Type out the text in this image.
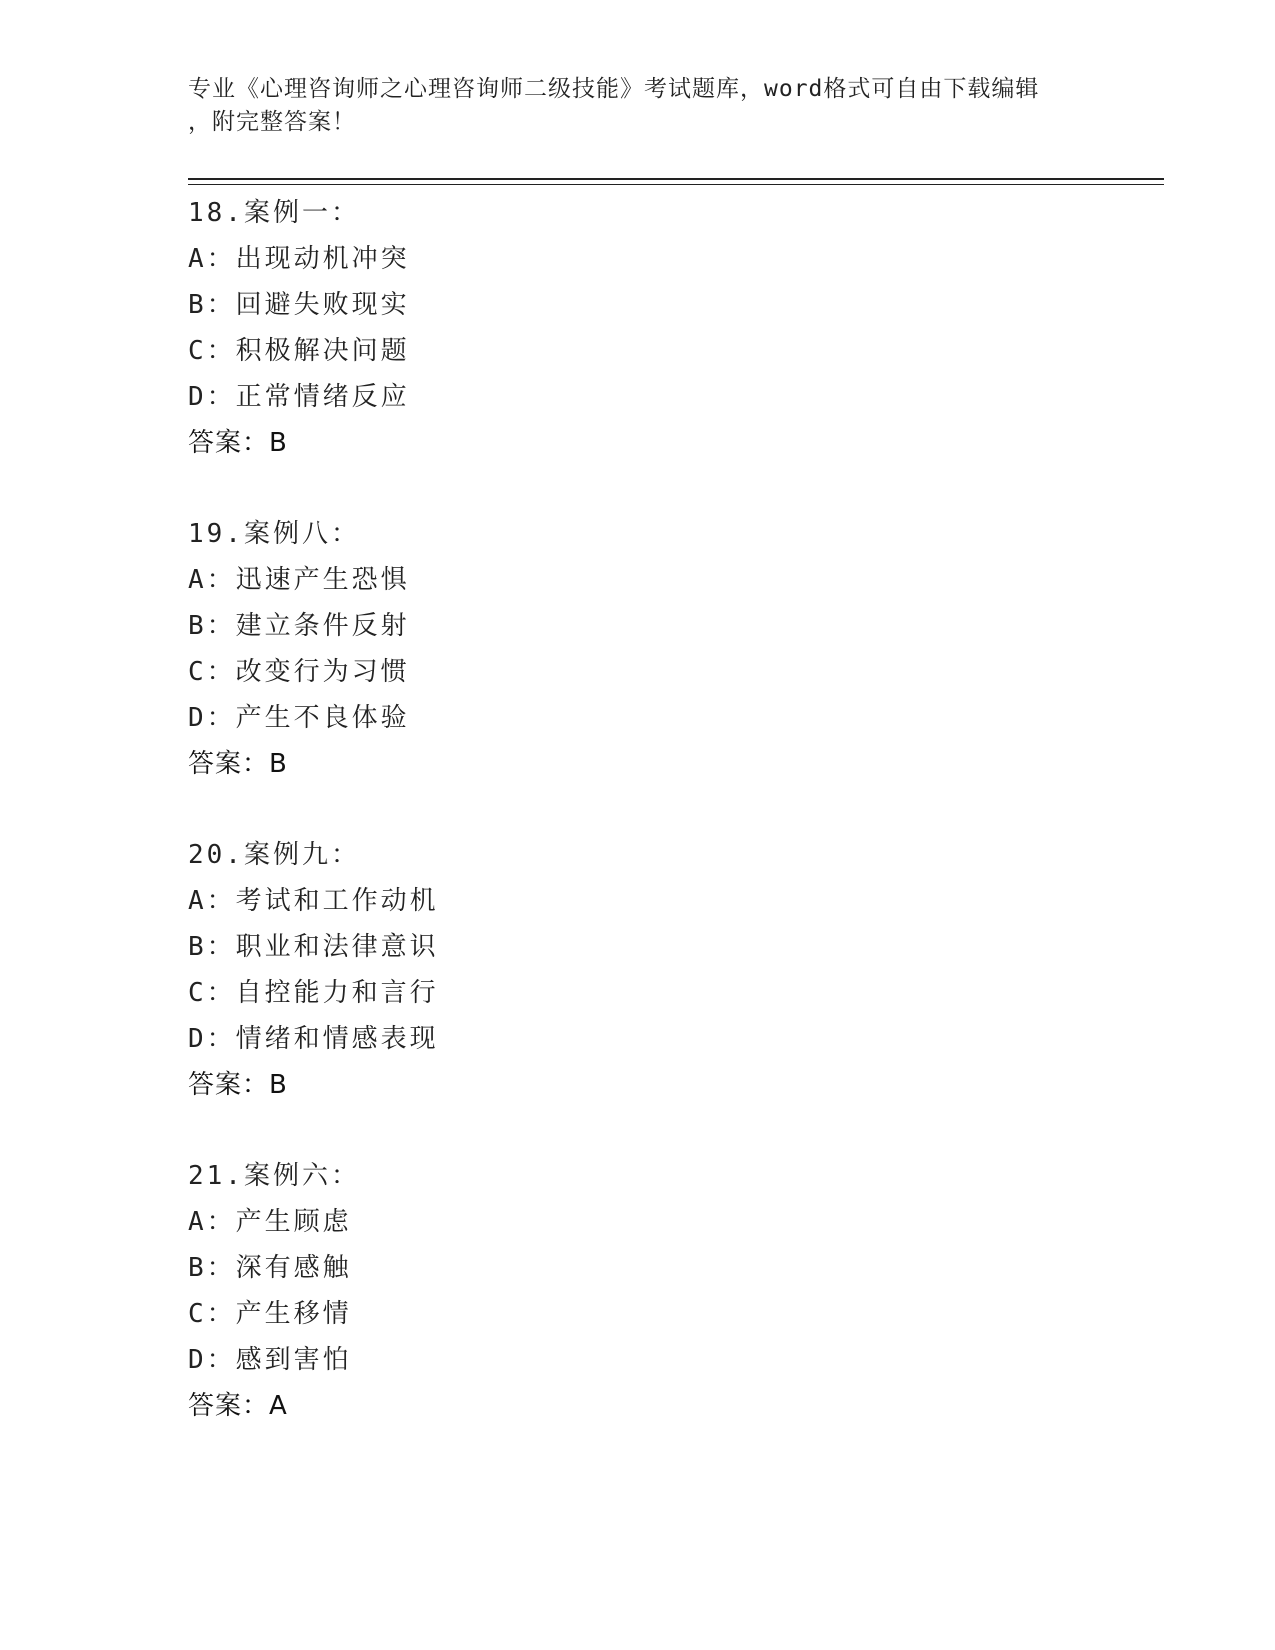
专业《心理咨询师之心理咨询师二级技能》考试题库，word格式可自由下载编辑
，附完整答案！
18.案例一：
A：出现动机冲突
B：回避失败现实
C：积极解决问题
D：正常情绪反应
答案：B
19.案例八：
A：迅速产生恐惧
B：建立条件反射
C：改变行为习惯
D：产生不良体验
答案：B
20.案例九：
A：考试和工作动机
B：职业和法律意识
C：自控能力和言行
D：情绪和情感表现
答案：B
21.案例六：
A：产生顾虑
B：深有感触
C：产生移情
D：感到害怕
答案：A
